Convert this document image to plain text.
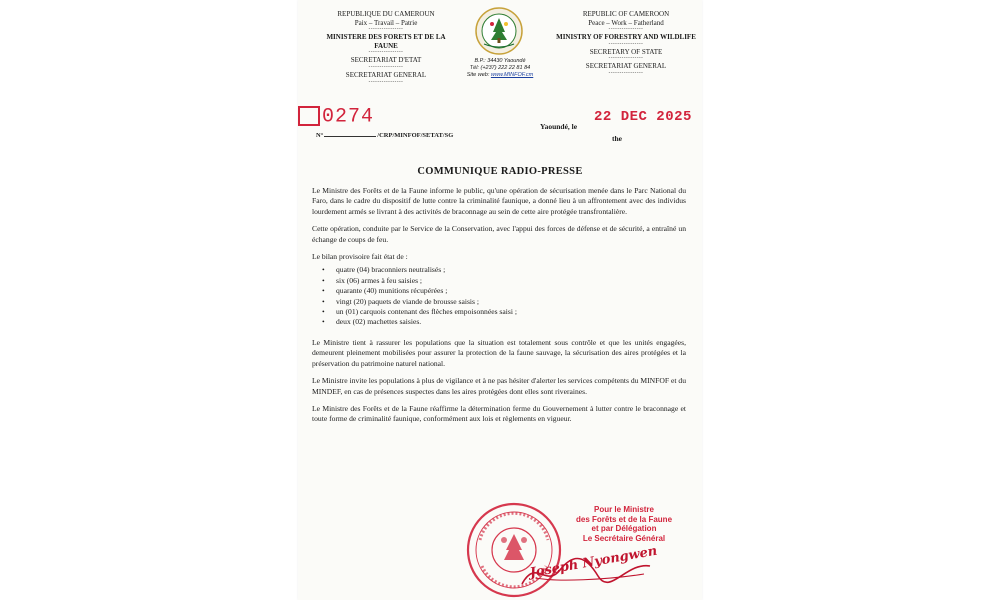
REPUBLIQUE DU CAMEROUN
Paix – Travail – Patrie
----------------
MINISTERE DES FORETS ET DE LA FAUNE
----------------
SECRETARIAT D'ETAT
----------------
SECRETARIAT GENERAL
----------------
B.P.: 34430 Yaoundé
Tél: (+237) 222 22 81 84
Site web: www.MINFOF.cm
REPUBLIC OF CAMEROON
Peace – Work – Fatherland
----------------
MINISTRY OF FORESTRY AND WILDLIFE
----------------
SECRETARY OF STATE
----------------
SECRETARIAT GENERAL
----------------
0274
N°	/CRP/MINFOF/SETAT/SG
Yaoundé, le
22 DEC 2025
the
COMMUNIQUE RADIO-PRESSE

Le Ministre des Forêts et de la Faune informe le public, qu'une opération de sécurisation menée dans le Parc National du Faro, dans le cadre du dispositif de lutte contre la criminalité faunique, a donné lieu à un affrontement avec des individus lourdement armés se livrant à des activités de braconnage au sein de cette aire protégée transfrontalière.

Cette opération, conduite par le Service de la Conservation, avec l'appui des forces de défense et de sécurité, a entraîné un échange de coups de feu.

Le bilan provisoire fait état de :

• quatre (04) braconniers neutralisés ;
• six (06) armes à feu saisies ;
• quarante (40) munitions récupérées ;
• vingt (20) paquets de viande de brousse saisis ;
• un (01) carquois contenant des flèches empoisonnées saisi ;
• deux (02) machettes saisies.

Le Ministre tient à rassurer les populations que la situation est totalement sous contrôle et que les unités engagées, demeurent pleinement mobilisées pour assurer la protection de la faune sauvage, la sécurisation des aires protégées et la préservation du patrimoine naturel national.

Le Ministre invite les populations à plus de vigilance et à ne pas hésiter d'alerter les services compétents du MINFOF et du MINDEF, en cas de présences suspectes dans les aires protégées dont elles sont riveraines.

Le Ministre des Forêts et de la Faune réaffirme la détermination ferme du Gouvernement à lutter contre le braconnage et toute forme de criminalité faunique, conformément aux lois et règlements en vigueur.

Pour le Ministre
des Forêts et de la Faune
et par Délégation
Le Secrétaire Général
Joseph Nyongwen
